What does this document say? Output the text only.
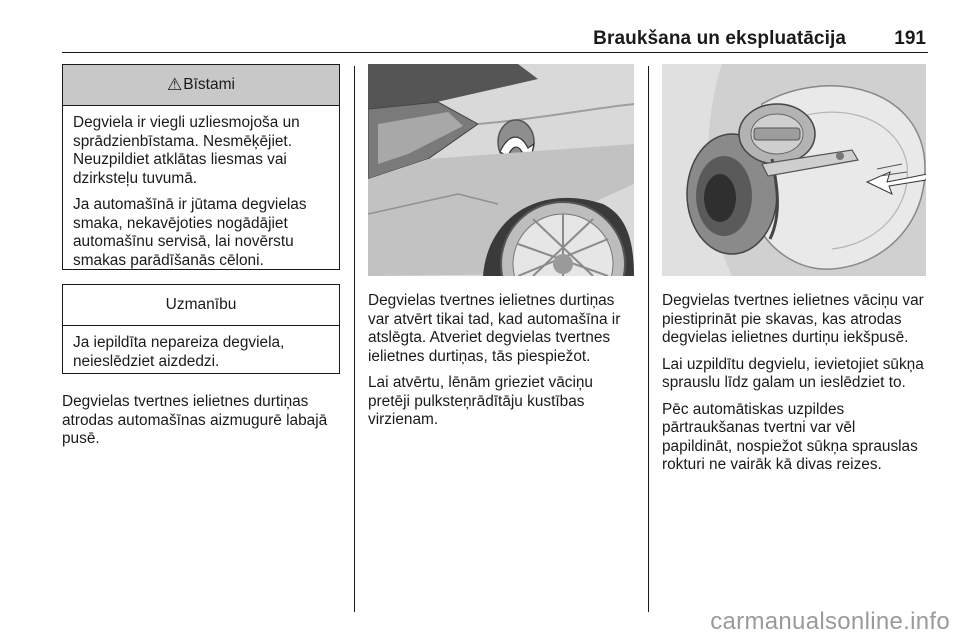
Braukšana un ekspluatācija	191
⚠ Bīstami

Degviela ir viegli uzliesmojoša un sprādzienbīstama. Nesmēķējiet. Neuzpildiet atklātas liesmas vai dzirksteļu tuvumā.

Ja automašīnā ir jūtama degvielas smaka, nekavējoties nogādājiet automašīnu servisā, lai novērstu smakas parādīšanās cēloni.

Uzmanību

Ja iepildīta nepareiza degviela, neieslēdziet aizdedzi.

Degvielas tvertnes ielietnes durtiņas atrodas automašīnas aizmugurē labajā pusē.

Degvielas tvertnes ielietnes durtiņas var atvērt tikai tad, kad automašīna ir atslēgta. Atveriet degvielas tvertnes ielietnes durtiņas, tās piespiežot.

Lai atvērtu, lēnām grieziet vāciņu pretēji pulksteņrādītāju kustības virzienam.

Degvielas tvertnes ielietnes vāciņu var piestiprināt pie skavas, kas atrodas degvielas ielietnes durtiņu iekšpusē.

Lai uzpildītu degvielu, ievietojiet sūkņa sprauslu līdz galam un ieslēdziet to.

Pēc automātiskas uzpildes pārtraukšanas tvertni var vēl papildināt, nospiežot sūkņa sprauslas rokturi ne vairāk kā divas reizes.

carmanualsonline.info
